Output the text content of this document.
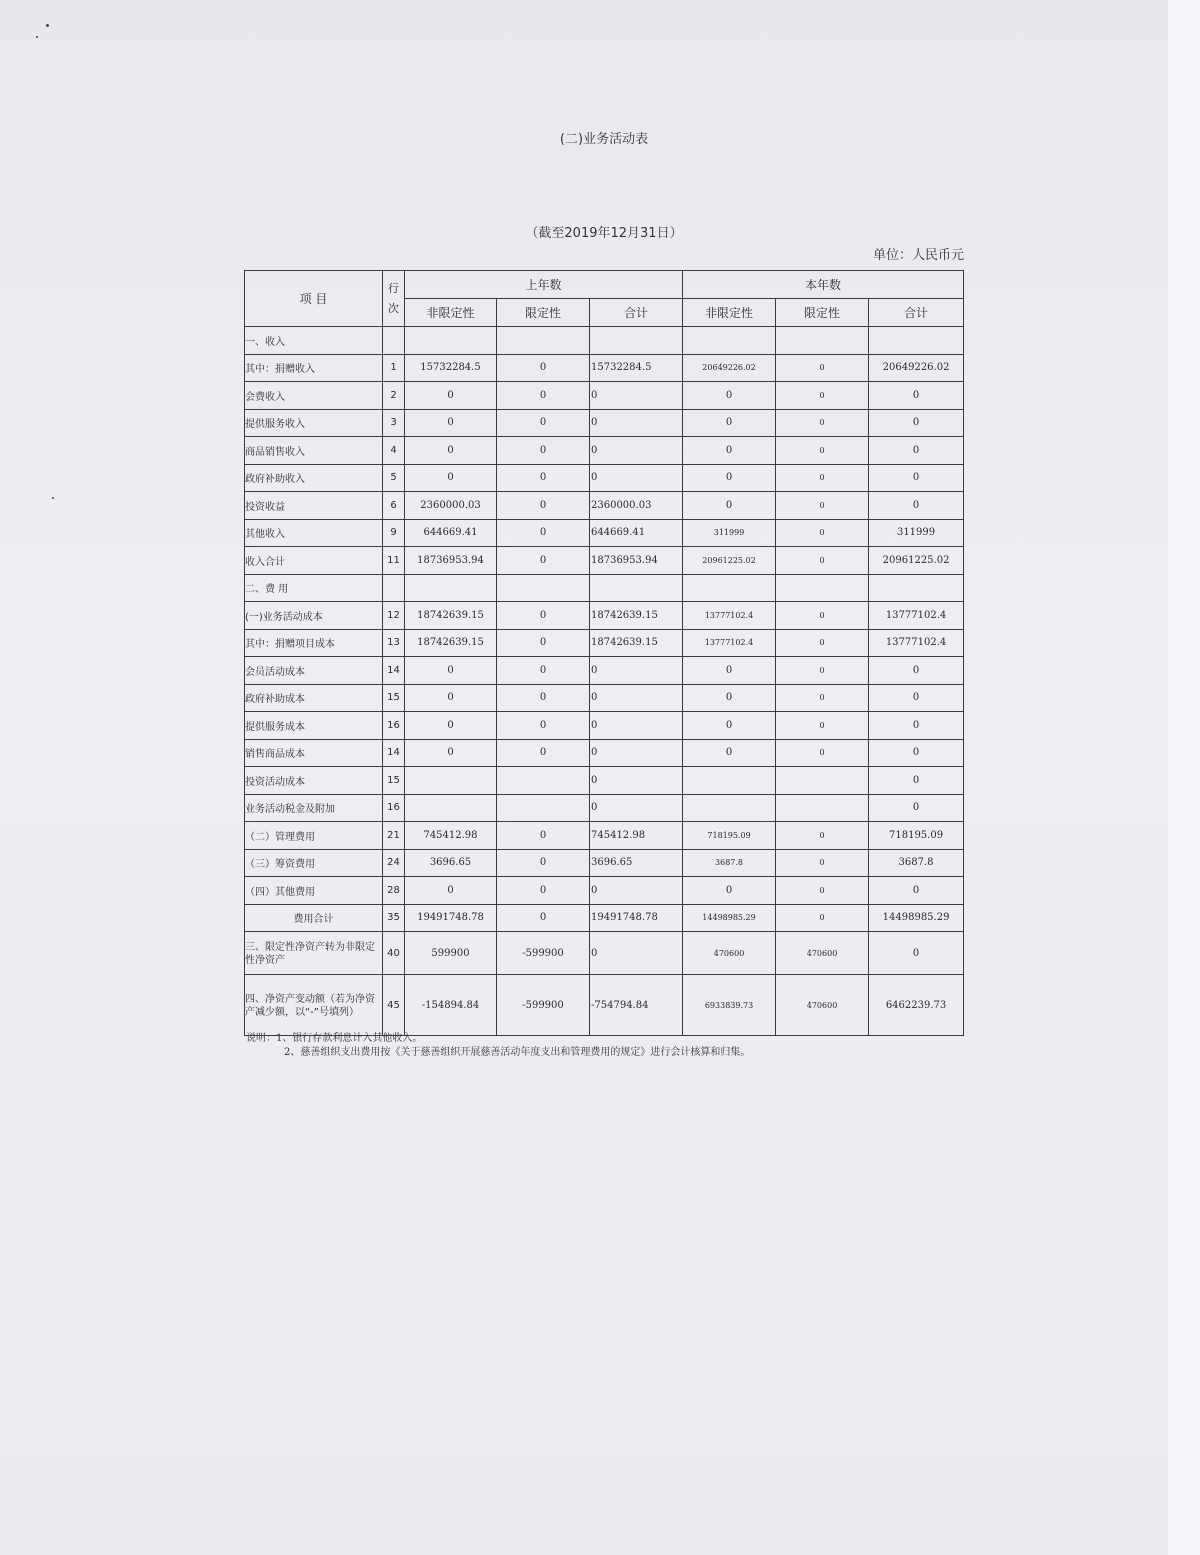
(二)业务活动表
（截至2019年12月31日）
单位：人民币元
项 目	行次	上年数			本年数		
		非限定性	限定性	合计	非限定性	限定性	合计
一、收入							
其中：捐赠收入	1	15732284.5	0	15732284.5	20649226.02	0	20649226.02
会费收入	2	0	0	0	0	0	0
提供服务收入	3	0	0	0	0	0	0
商品销售收入	4	0	0	0	0	0	0
政府补助收入	5	0	0	0	0	0	0
投资收益	6	2360000.03	0	2360000.03	0	0	0
其他收入	9	644669.41	0	644669.41	311999	0	311999
收入合计	11	18736953.94	0	18736953.94	20961225.02	0	20961225.02
二、费 用							
(一)业务活动成本	12	18742639.15	0	18742639.15	13777102.4	0	13777102.4
其中：捐赠项目成本	13	18742639.15	0	18742639.15	13777102.4	0	13777102.4
会员活动成本	14	0	0	0	0	0	0
政府补助成本	15	0	0	0	0	0	0
提供服务成本	16	0	0	0	0	0	0
销售商品成本	14	0	0	0	0	0	0
投资活动成本	15			0			0
业务活动税金及附加	16			0			0
（二）管理费用	21	745412.98	0	745412.98	718195.09	0	718195.09
（三）筹资费用	24	3696.65	0	3696.65	3687.8	0	3687.8
（四）其他费用	28	0	0	0	0	0	0
费用合计	35	19491748.78	0	19491748.78	14498985.29	0	14498985.29
三、限定性净资产转为非限定性净资产	40	599900	-599900	0	470600	470600	0
四、净资产变动额（若为净资产减少额，以“-”号填列）	45	-154894.84	-599900	-754794.84	6933839.73	470600	6462239.73
说明：1、银行存款利息计入其他收入。
2、慈善组织支出费用按《关于慈善组织开展慈善活动年度支出和管理费用的规定》进行会计核算和归集。
